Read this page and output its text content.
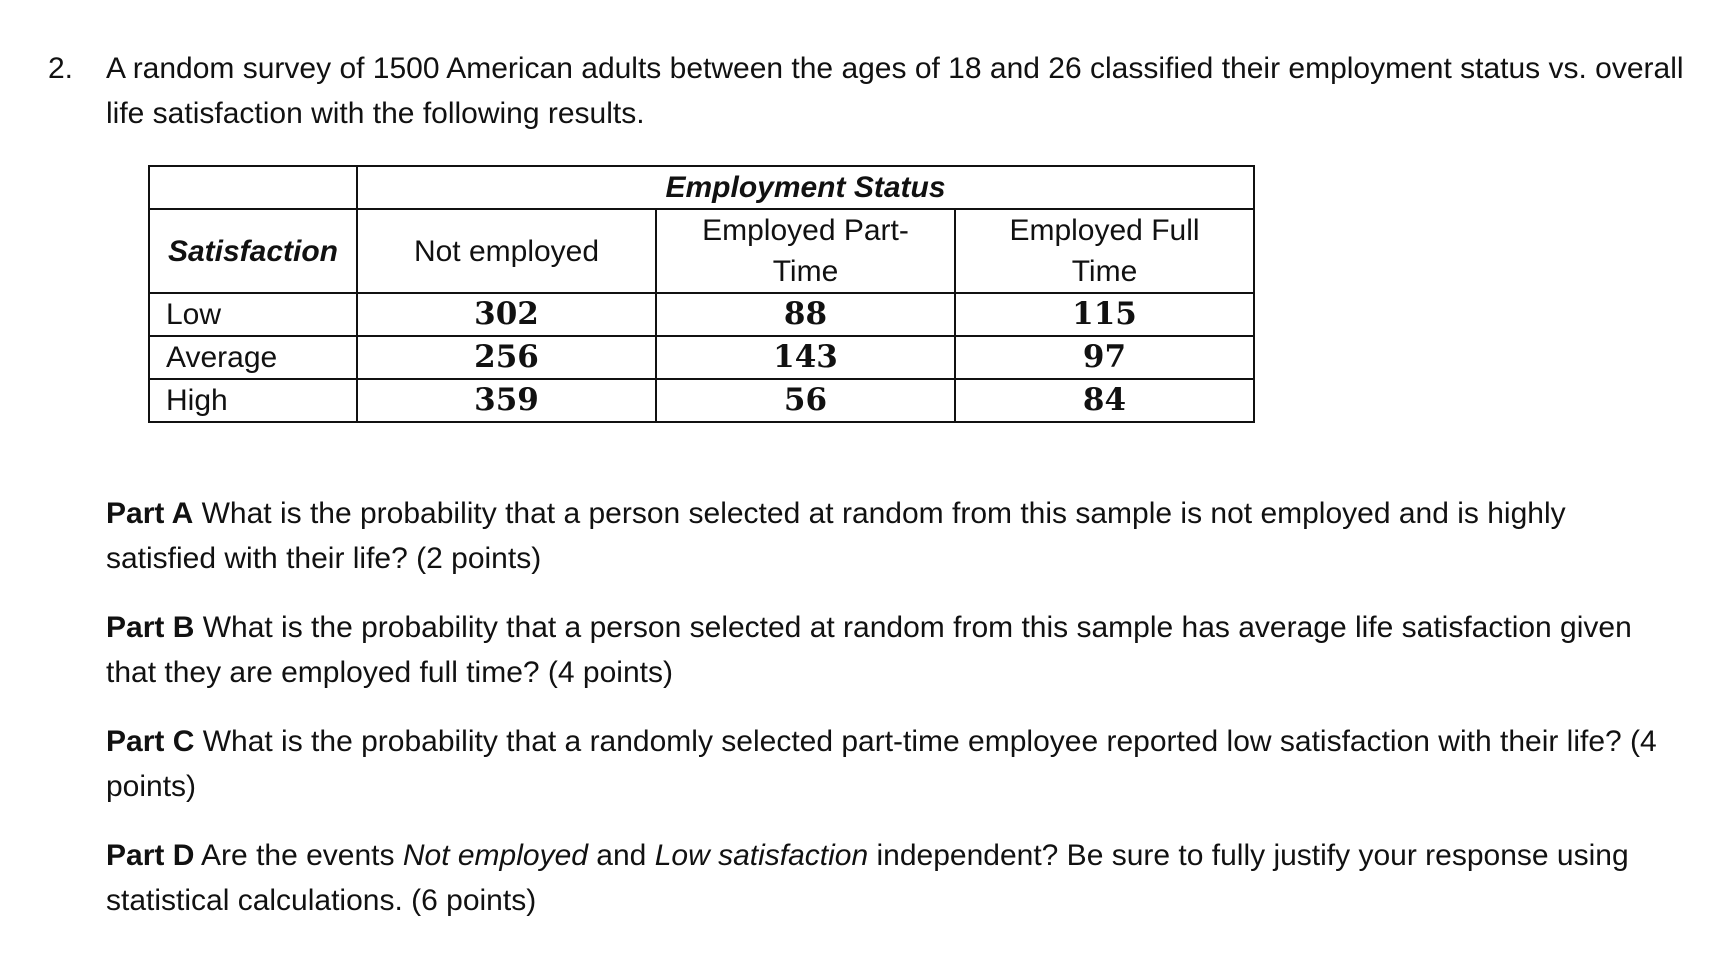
2. A random survey of 1500 American adults between the ages of 18 and 26 classified their employment status vs. overall life satisfaction with the following results.
	Employment Status		
Satisfaction	Not employed	Employed Part-Time	Employed Full Time

Low	302	88	115
Average	256	143	97
High	359	56	84
Part A What is the probability that a person selected at random from this sample is not employed and is highly satisfied with their life? (2 points)
Part B What is the probability that a person selected at random from this sample has average life satisfaction given that they are employed full time? (4 points)
Part C What is the probability that a randomly selected part-time employee reported low satisfaction with their life? (4 points)
Part D Are the events Not employed and Low satisfaction independent? Be sure to fully justify your response using statistical calculations. (6 points)
